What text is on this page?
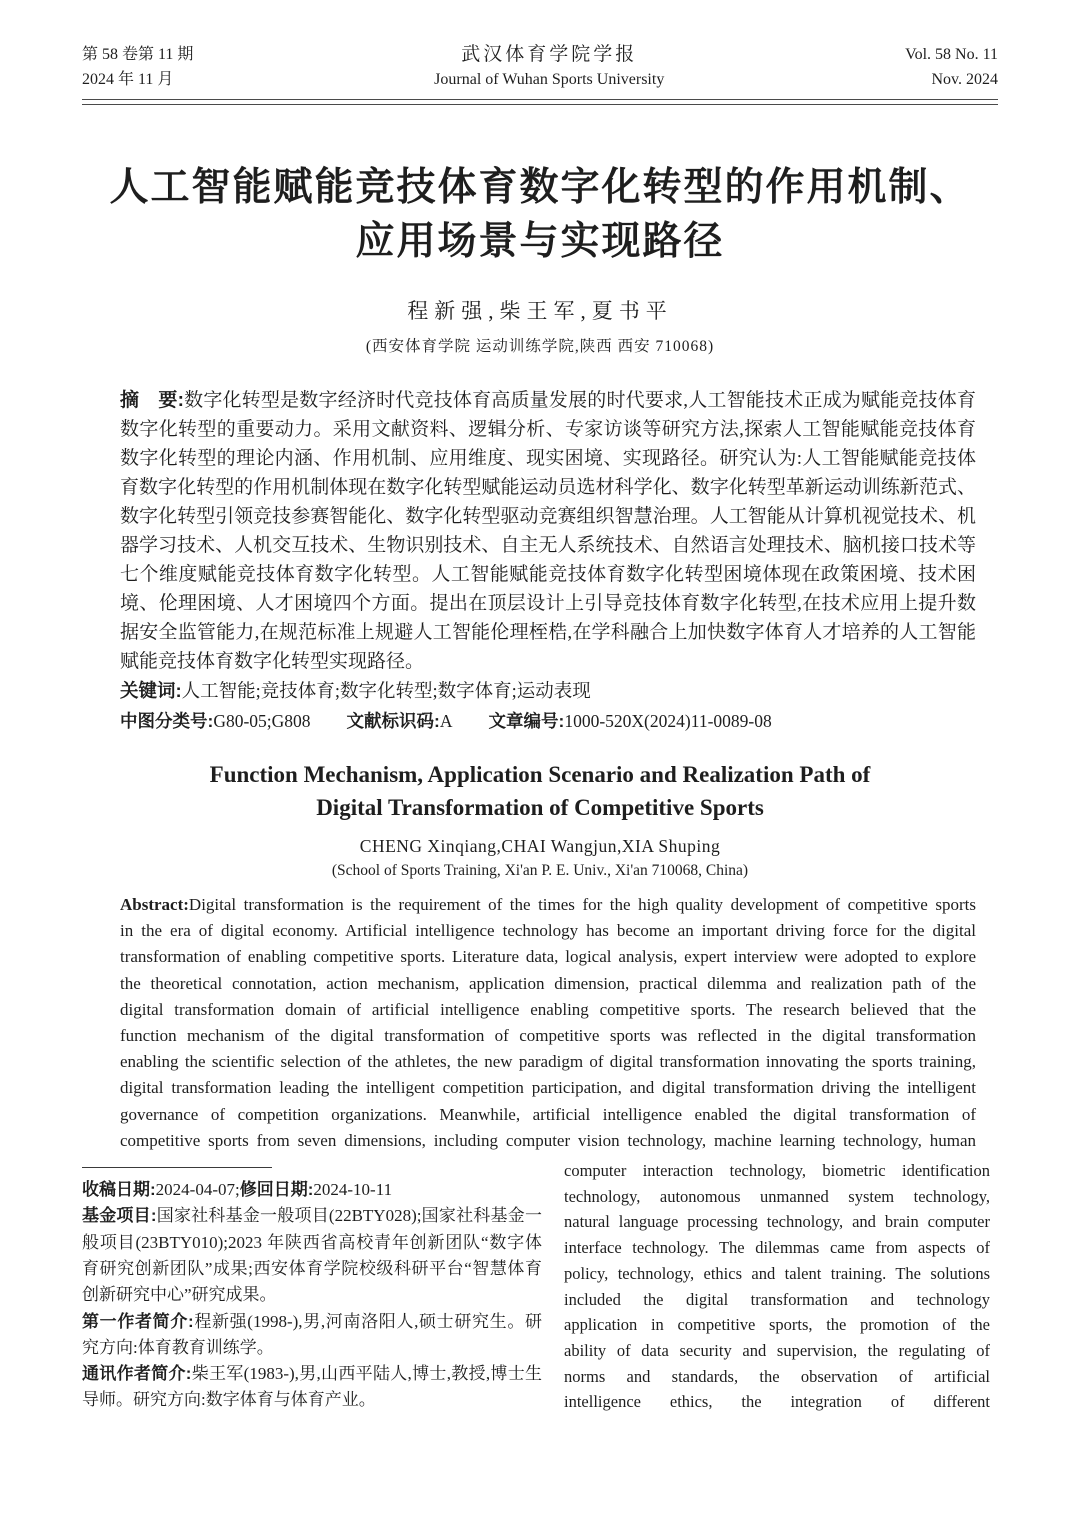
第 58 卷第 11 期
2024 年 11 月
武汉体育学院学报
Journal of Wuhan Sports University
Vol. 58 No. 11
Nov. 2024
人工智能赋能竞技体育数字化转型的作用机制、
应用场景与实现路径
程新强,柴王军,夏书平
(西安体育学院 运动训练学院,陕西 西安 710068)

摘　要:数字化转型是数字经济时代竞技体育高质量发展的时代要求,人工智能技术正成为赋能竞技体育数字化转型的重要动力。采用文献资料、逻辑分析、专家访谈等研究方法,探索人工智能赋能竞技体育数字化转型的理论内涵、作用机制、应用维度、现实困境、实现路径。研究认为:人工智能赋能竞技体育数字化转型的作用机制体现在数字化转型赋能运动员选材科学化、数字化转型革新运动训练新范式、数字化转型引领竞技参赛智能化、数字化转型驱动竞赛组织智慧治理。人工智能从计算机视觉技术、机器学习技术、人机交互技术、生物识别技术、自主无人系统技术、自然语言处理技术、脑机接口技术等七个维度赋能竞技体育数字化转型。人工智能赋能竞技体育数字化转型困境体现在政策困境、技术困境、伦理困境、人才困境四个方面。提出在顶层设计上引导竞技体育数字化转型,在技术应用上提升数据安全监管能力,在规范标准上规避人工智能伦理桎梏,在学科融合上加快数字体育人才培养的人工智能赋能竞技体育数字化转型实现路径。

关键词:人工智能;竞技体育;数字化转型;数字体育;运动表现

中图分类号:G80-05;G808 文献标识码:A 文章编号:1000-520X(2024)11-0089-08

Function Mechanism, Application Scenario and Realization Path of
Digital Transformation of Competitive Sports
CHENG Xinqiang,CHAI Wangjun,XIA Shuping
(School of Sports Training, Xi'an P. E. Univ., Xi'an 710068, China)

Abstract:Digital transformation is the requirement of the times for the high quality development of competitive sports in the era of digital economy. Artificial intelligence technology has become an important driving force for the digital transformation of enabling competitive sports. Literature data, logical analysis, expert interview were adopted to explore the theoretical connotation, action mechanism, application dimension, practical dilemma and realization path of the digital transformation domain of artificial intelligence enabling competitive sports. The research believed that the function mechanism of the digital transformation of competitive sports was reflected in the digital transformation enabling the scientific selection of the athletes, the new paradigm of digital transformation innovating the sports training, digital transformation leading the intelligent competition participation, and digital transformation driving the intelligent governance of competition organizations. Meanwhile, artificial intelligence enabled the digital transformation of competitive sports from seven dimensions, including computer vision technology, machine learning technology, human

收稿日期:2024-04-07;修回日期:2024-10-11

基金项目:国家社科基金一般项目(22BTY028);国家社科基金一般项目(23BTY010);2023 年陕西省高校青年创新团队“数字体育研究创新团队”成果;西安体育学院校级科研平台“智慧体育创新研究中心”研究成果。

第一作者简介:程新强(1998-),男,河南洛阳人,硕士研究生。研究方向:体育教育训练学。

通讯作者简介:柴王军(1983-),男,山西平陆人,博士,教授,博士生导师。研究方向:数字体育与体育产业。

computer interaction technology, biometric identification technology, autonomous unmanned system technology, natural language processing technology, and brain computer interface technology. The dilemmas came from aspects of policy, technology, ethics and talent training. The solutions included the digital transformation and technology application in competitive sports, the promotion of the ability of data security and supervision, the regulating of norms and standards, the observation of artificial intelligence ethics, the integration of different
